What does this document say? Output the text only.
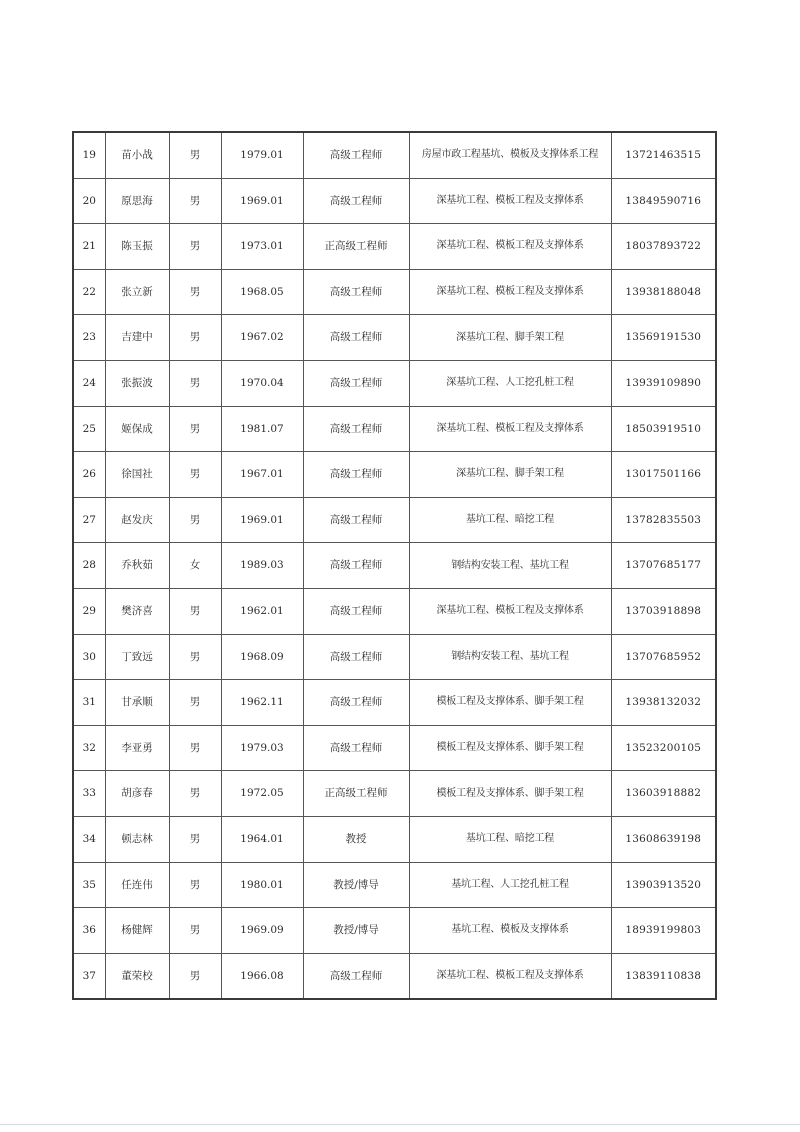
19	苗小战	男	1979.01	高级工程师	房屋市政工程基坑、模板及支撑体系工程	13721463515
20	原思海	男	1969.01	高级工程师	深基坑工程、模板工程及支撑体系	13849590716
21	陈玉振	男	1973.01	正高级工程师	深基坑工程、模板工程及支撑体系	18037893722
22	张立新	男	1968.05	高级工程师	深基坑工程、模板工程及支撑体系	13938188048
23	吉建中	男	1967.02	高级工程师	深基坑工程、脚手架工程	13569191530
24	张振波	男	1970.04	高级工程师	深基坑工程、人工挖孔桩工程	13939109890
25	姬保成	男	1981.07	高级工程师	深基坑工程、模板工程及支撑体系	18503919510
26	徐国社	男	1967.01	高级工程师	深基坑工程、脚手架工程	13017501166
27	赵发庆	男	1969.01	高级工程师	基坑工程、暗挖工程	13782835503
28	乔秋茹	女	1989.03	高级工程师	钢结构安装工程、基坑工程	13707685177
29	樊济喜	男	1962.01	高级工程师	深基坑工程、模板工程及支撑体系	13703918898
30	丁致远	男	1968.09	高级工程师	钢结构安装工程、基坑工程	13707685952
31	甘承顺	男	1962.11	高级工程师	模板工程及支撑体系、脚手架工程	13938132032
32	李亚勇	男	1979.03	高级工程师	模板工程及支撑体系、脚手架工程	13523200105
33	胡彦春	男	1972.05	正高级工程师	模板工程及支撑体系、脚手架工程	13603918882
34	顿志林	男	1964.01	教授	基坑工程、暗挖工程	13608639198
35	任连伟	男	1980.01	教授/博导	基坑工程、人工挖孔桩工程	13903913520
36	杨健辉	男	1969.09	教授/博导	基坑工程、模板及支撑体系	18939199803
37	董荣校	男	1966.08	高级工程师	深基坑工程、模板工程及支撑体系	13839110838
